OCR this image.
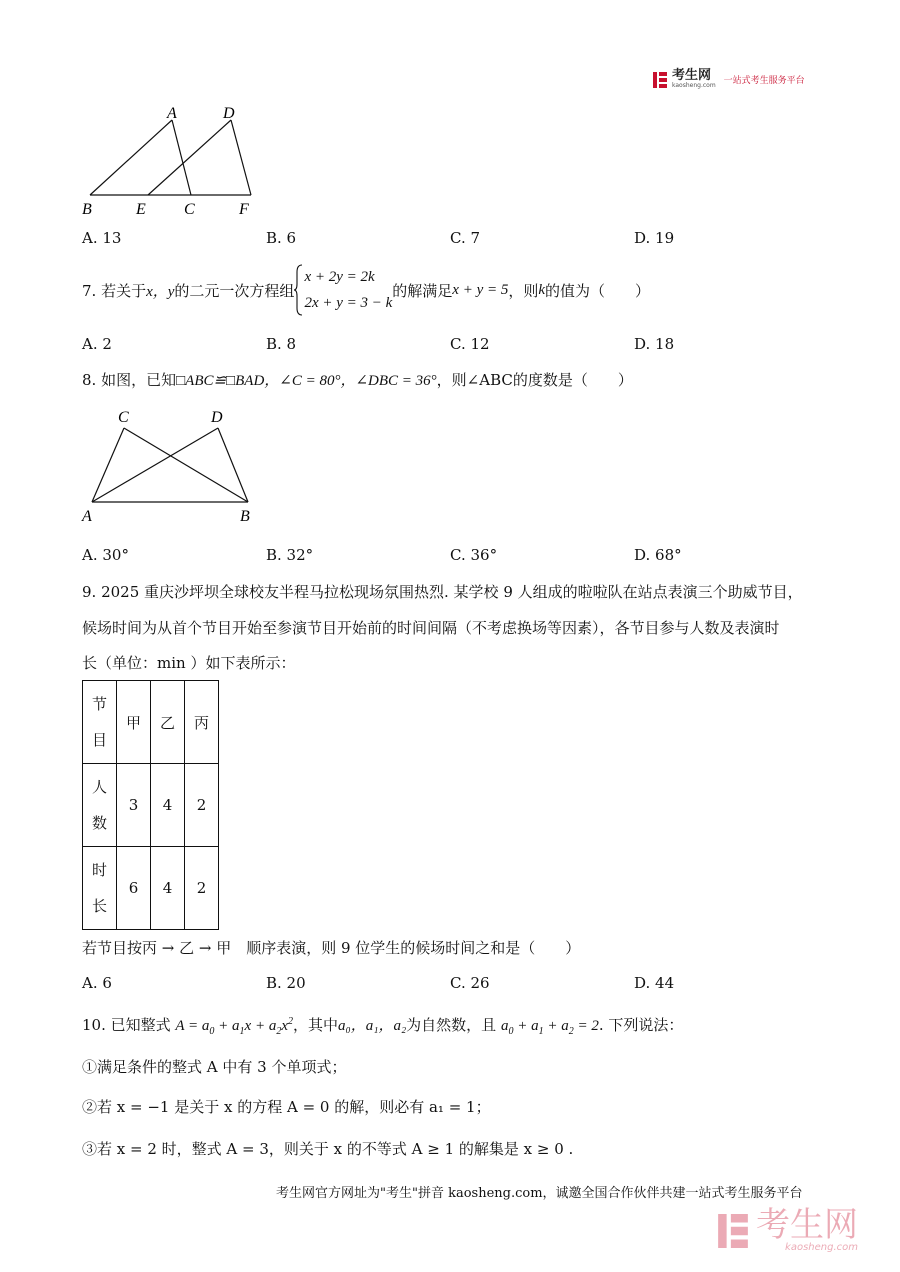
考生网
kaosheng.com 一站式考生服务平台
A	D
B	E C	F
A. 13	B. 6	C. 7	D. 19
7. 若关于 x，y 的二元一次方程组
x + 2y = 2k
2x + y = 3 − k
的解满足 x + y = 5 ，则 k 的值为（　　）
A. 2	B. 8	C. 12	D. 18
8. 如图，已知□ABC≌□BAD，∠C = 80°，∠DBC = 36°，则∠ABC的度数是（　　）
C	D
A	B
A. 30°	B. 32°	C. 36°	D. 68°
9. 2025 重庆沙坪坝全球校友半程马拉松现场氛围热烈. 某学校 9 人组成的啦啦队在站点表演三个助威节目，
候场时间为从首个节目开始至参演节目开始前的时间间隔（不考虑换场等因素），各节目参与人数及表演时
长（单位：min ）如下表所示：
节
目	甲	乙	丙
人
数	3	4	2
时
长	6	4	2
若节目按丙 → 乙 → 甲　顺序表演，则 9 位学生的候场时间之和是（　　）
A. 6	B. 20	C. 26	D. 44
10. 已知整式 $A = a_0 + a_1x + a_2x^2$，其中a₀，a₁，a₂为自然数，且 $a_0 + a_1 + a_2 = 2$. 下列说法：
①满足条件的整式 A 中有 3 个单项式；
②若 x = −1 是关于 x 的方程 A = 0 的解，则必有 a₁ = 1；
③若 x = 2 时，整式 A = 3，则关于 x 的不等式 A ≥ 1 的解集是 x ≥ 0 .
考生网官方网址为"考生"拼音 kaosheng.com，诚邀全国合作伙伴共建一站式考生服务平台
考生网
kaosheng.com
